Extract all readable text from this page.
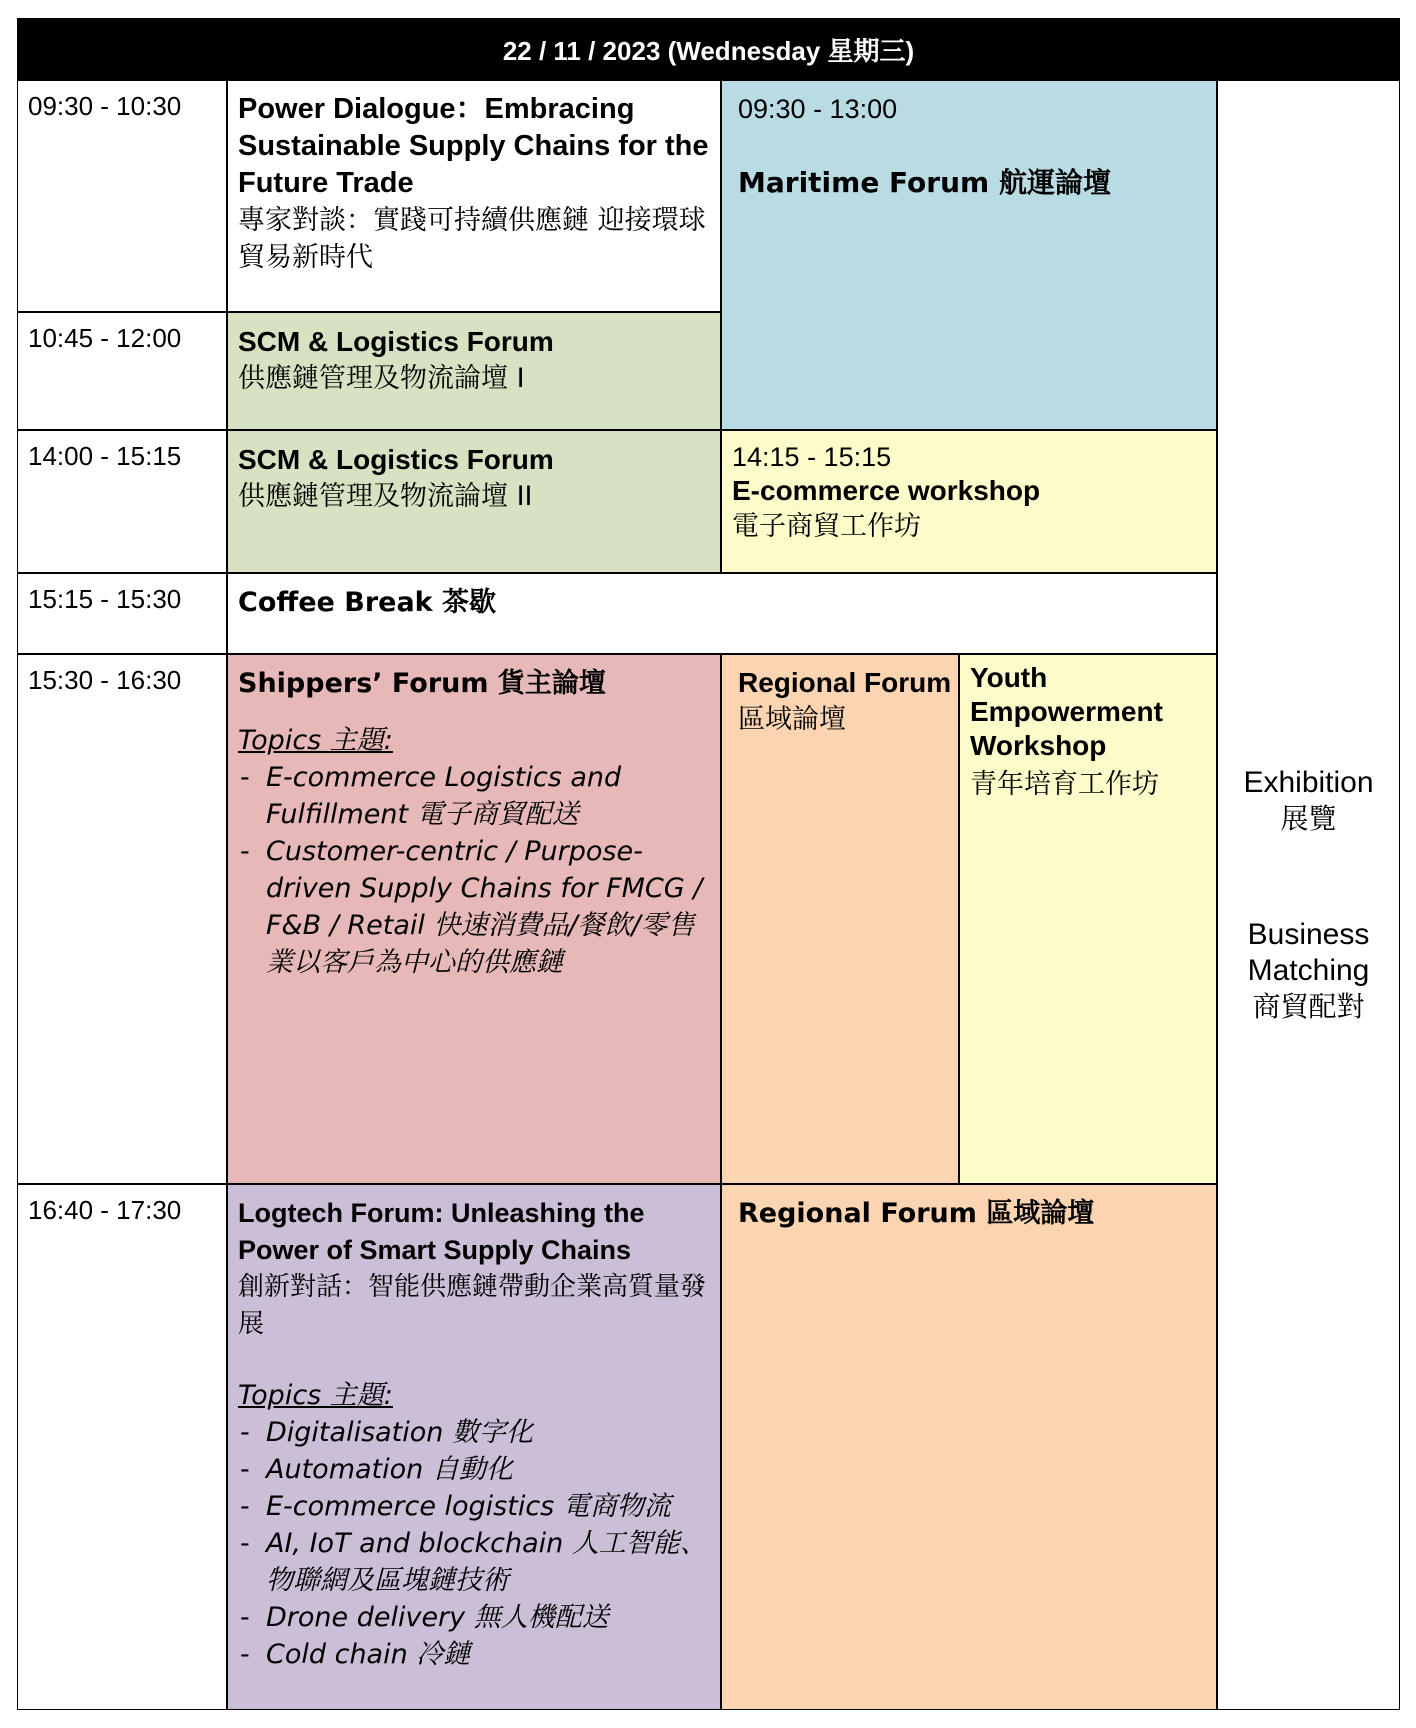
22 / 11 / 2023 (Wednesday 星期三)
09:30 - 10:30
10:45 - 12:00
14:00 - 15:15
15:15 - 15:30
15:30 - 16:30
16:40 - 17:30
Power Dialogue：Embracing Sustainable Supply Chains for the Future Trade
專家對談：實踐可持續供應鏈 迎接環球貿易新時代
SCM & Logistics Forum
供應鏈管理及物流論壇 I
09:30 - 13:00
Maritime Forum 航運論壇
SCM & Logistics Forum
供應鏈管理及物流論壇 II
14:15 - 15:15
E-commerce workshop
電子商貿工作坊
Coffee Break 茶歇
Shippers’ Forum 貨主論壇
Topics 主題:
- E-commerce Logistics and Fulfillment 電子商貿配送
- Customer-centric / Purpose-driven Supply Chains for FMCG / F&B / Retail 快速消費品/餐飲/零售業以客戶為中心的供應鏈
Regional Forum
區域論壇
Youth Empowerment Workshop
青年培育工作坊
Logtech Forum: Unleashing the Power of Smart Supply Chains
創新對話：智能供應鏈帶動企業高質量發展
Topics 主題:
- Digitalisation 數字化
- Automation 自動化
- E-commerce logistics 電商物流
- AI, IoT and blockchain 人工智能、物聯網及區塊鏈技術
- Drone delivery 無人機配送
- Cold chain 冷鏈
Regional Forum 區域論壇
Exhibition
展覽
Business Matching
商貿配對
